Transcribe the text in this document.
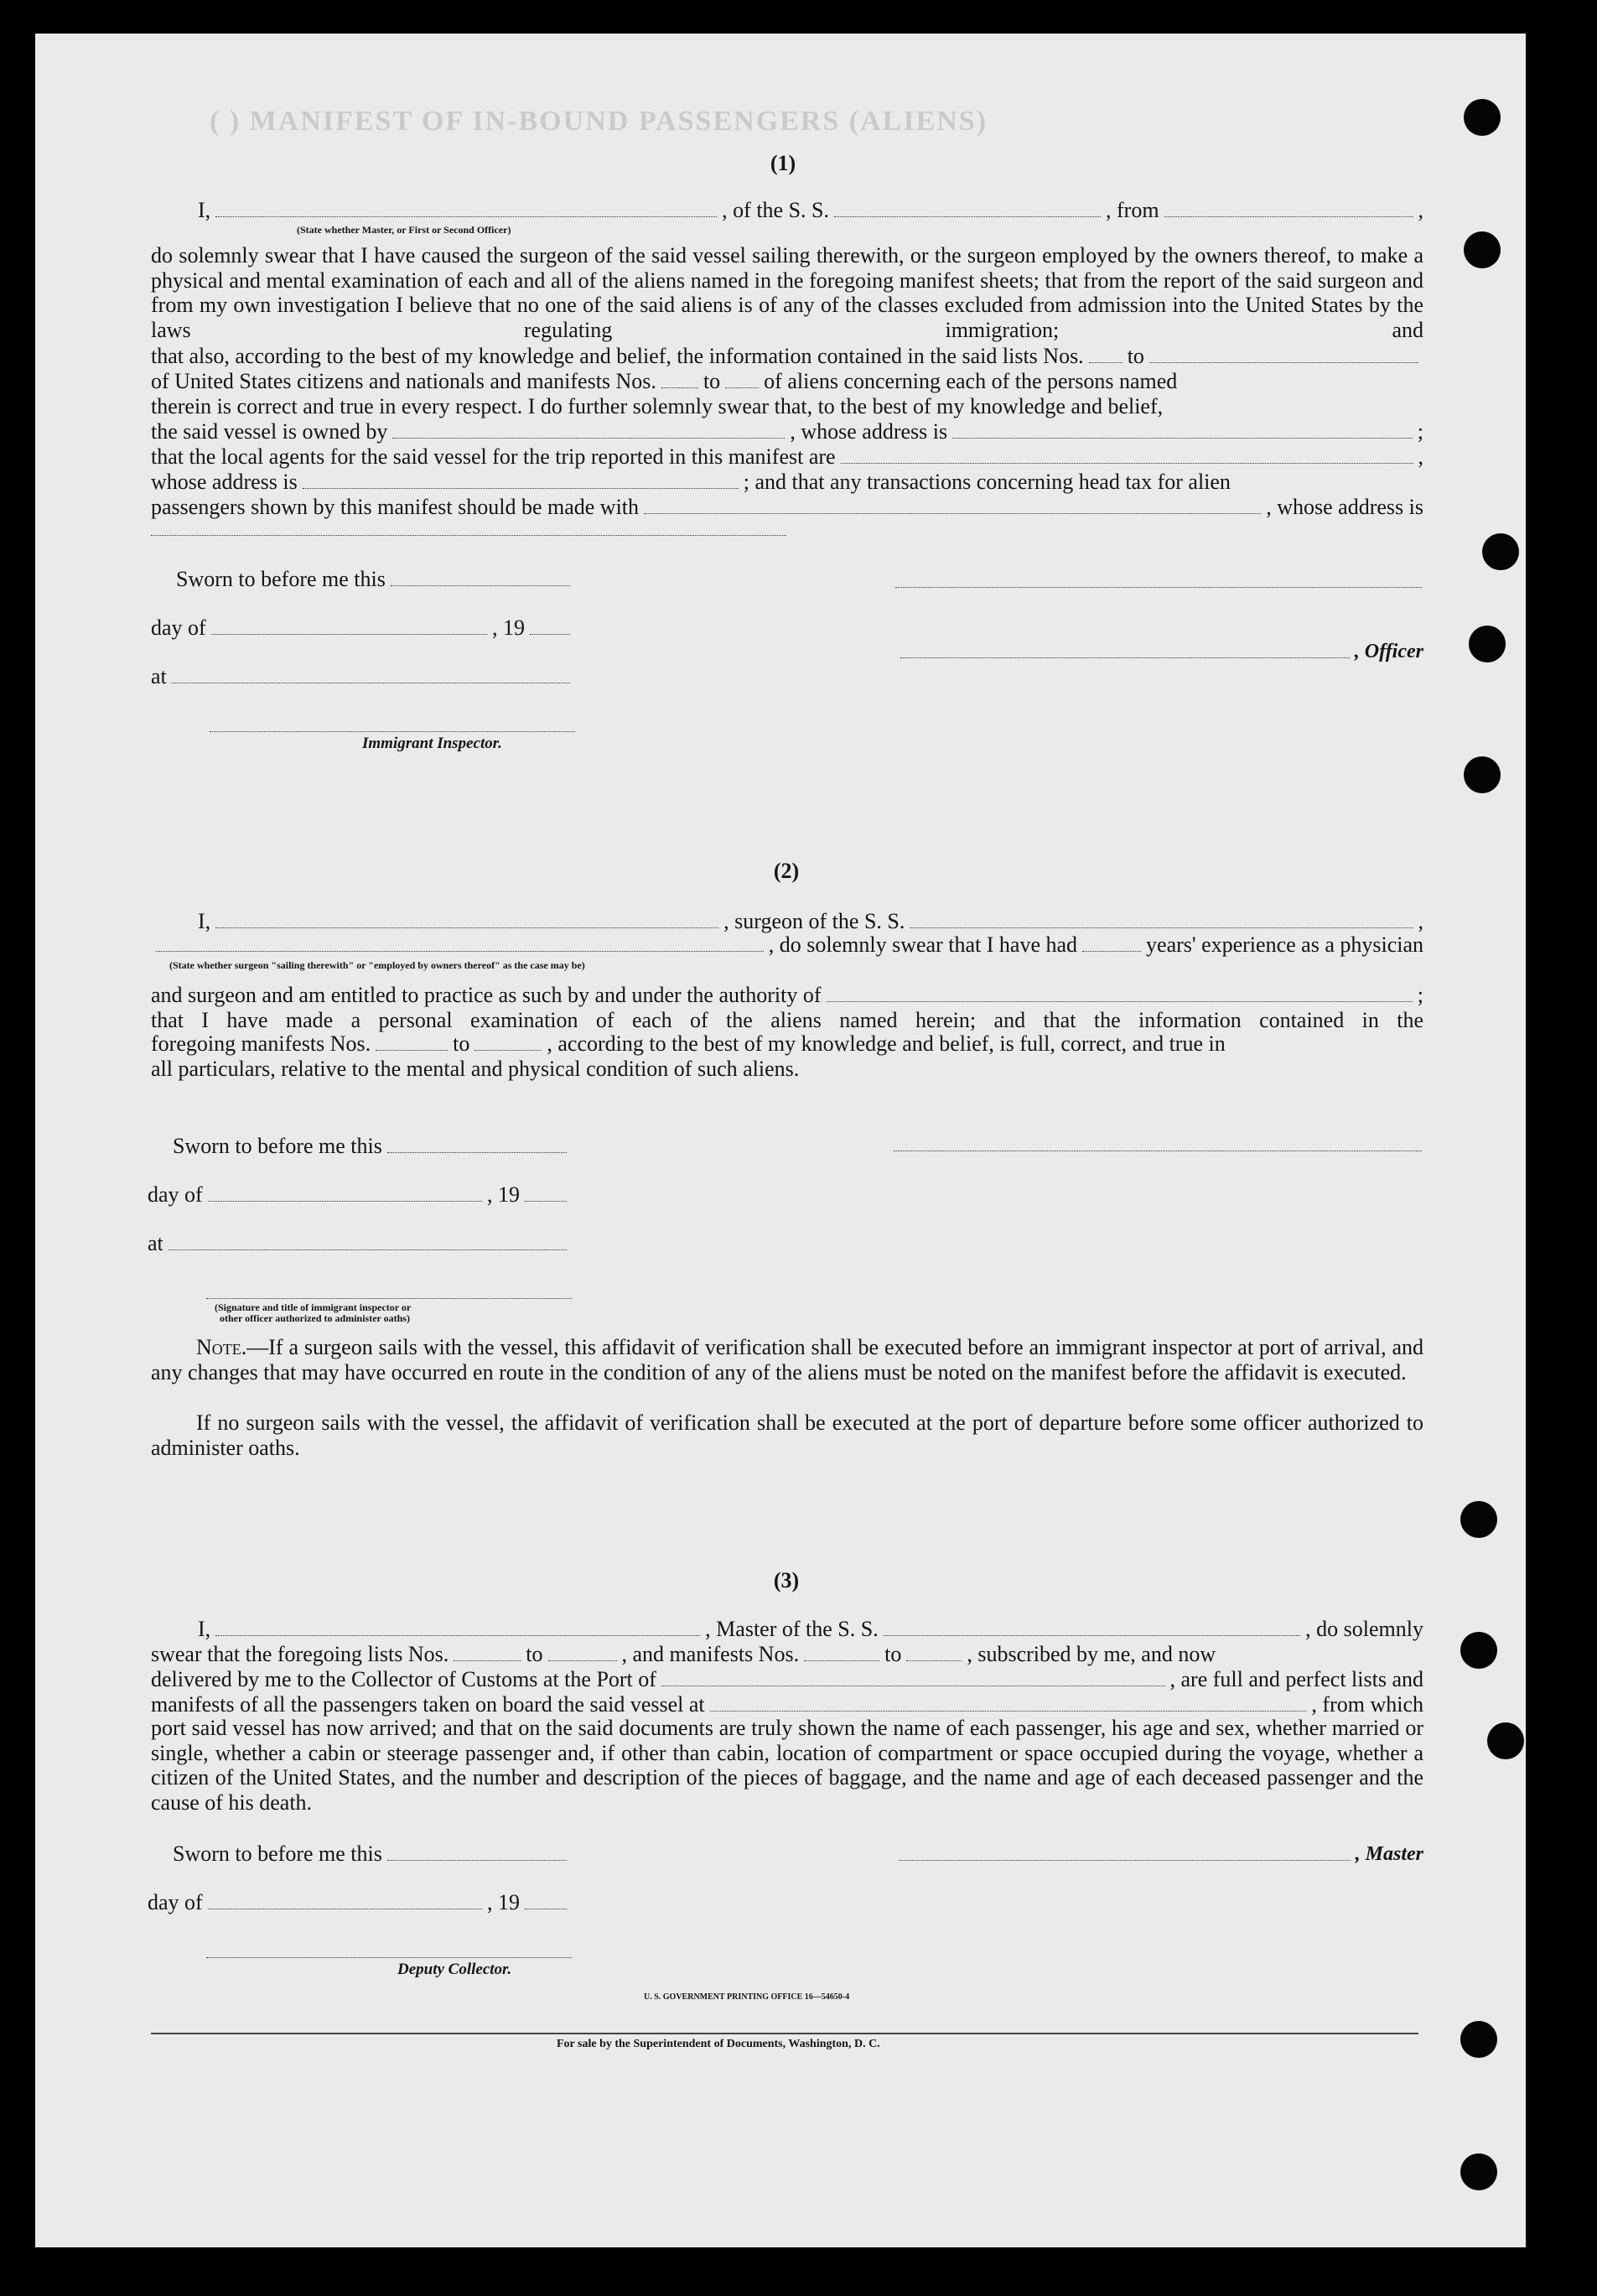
( ) MANIFEST OF IN-BOUND PASSENGERS (ALIENS)
(1)
I,	, of the S. S.	, from	,
(State whether Master, or First or Second Officer)
do solemnly swear that I have caused the surgeon of the said vessel sailing therewith, or the surgeon employed by the owners thereof, to make a physical and mental examination of each and all of the aliens named in the foregoing manifest sheets; that from the report of the said surgeon and from my own investigation I believe that no one of the said aliens is of any of the classes excluded from admission into the United States by the laws regulating immigration; and
that also, according to the best of my knowledge and belief, the information contained in the said lists Nos. to
of United States citizens and nationals and manifests Nos. to of aliens concerning each of the persons named
therein is correct and true in every respect. I do further solemnly swear that, to the best of my knowledge and belief,
the said vessel is owned by	, whose address is	;
that the local agents for the said vessel for the trip reported in this manifest are	,
whose address is	; and that any transactions concerning head tax for alien
passengers shown by this manifest should be made with	, whose address is
Sworn to before me this
day of	, 19
at
Immigrant Inspector.
, Officer
(2)
I,	, surgeon of the S. S.	,
, do solemnly swear that I have had	years' experience as a physician
(State whether surgeon "sailing therewith" or "employed by owners thereof" as the case may be)
and surgeon and am entitled to practice as such by and under the authority of	;
that I have made a personal examination of each of the aliens named herein; and that the information contained in the
foregoing manifests Nos.	to	, according to the best of my knowledge and belief, is full, correct, and true in
all particulars, relative to the mental and physical condition of such aliens.
Sworn to before me this
day of	, 19
at
(Signature and title of immigrant inspector or
other officer authorized to administer oaths)
Note.—If a surgeon sails with the vessel, this affidavit of verification shall be executed before an immigrant inspector at port of arrival, and any changes that may have occurred en route in the condition of any of the aliens must be noted on the manifest before the affidavit is executed.
If no surgeon sails with the vessel, the affidavit of verification shall be executed at the port of departure before some officer authorized to administer oaths.
(3)
I,	, Master of the S. S.	, do solemnly
swear that the foregoing lists Nos.	to	, and manifests Nos.	to	, subscribed by me, and now
delivered by me to the Collector of Customs at the Port of	, are full and perfect lists and
manifests of all the passengers taken on board the said vessel at	, from which
port said vessel has now arrived; and that on the said documents are truly shown the name of each passenger, his age and sex, whether married or single, whether a cabin or steerage passenger and, if other than cabin, location of compartment or space occupied during the voyage, whether a citizen of the United States, and the number and description of the pieces of baggage, and the name and age of each deceased passenger and the cause of his death.
Sworn to before me this	, Master
day of	, 19
Deputy Collector.
U. S. GOVERNMENT PRINTING OFFICE 16—54650-4
For sale by the Superintendent of Documents, Washington, D. C.
